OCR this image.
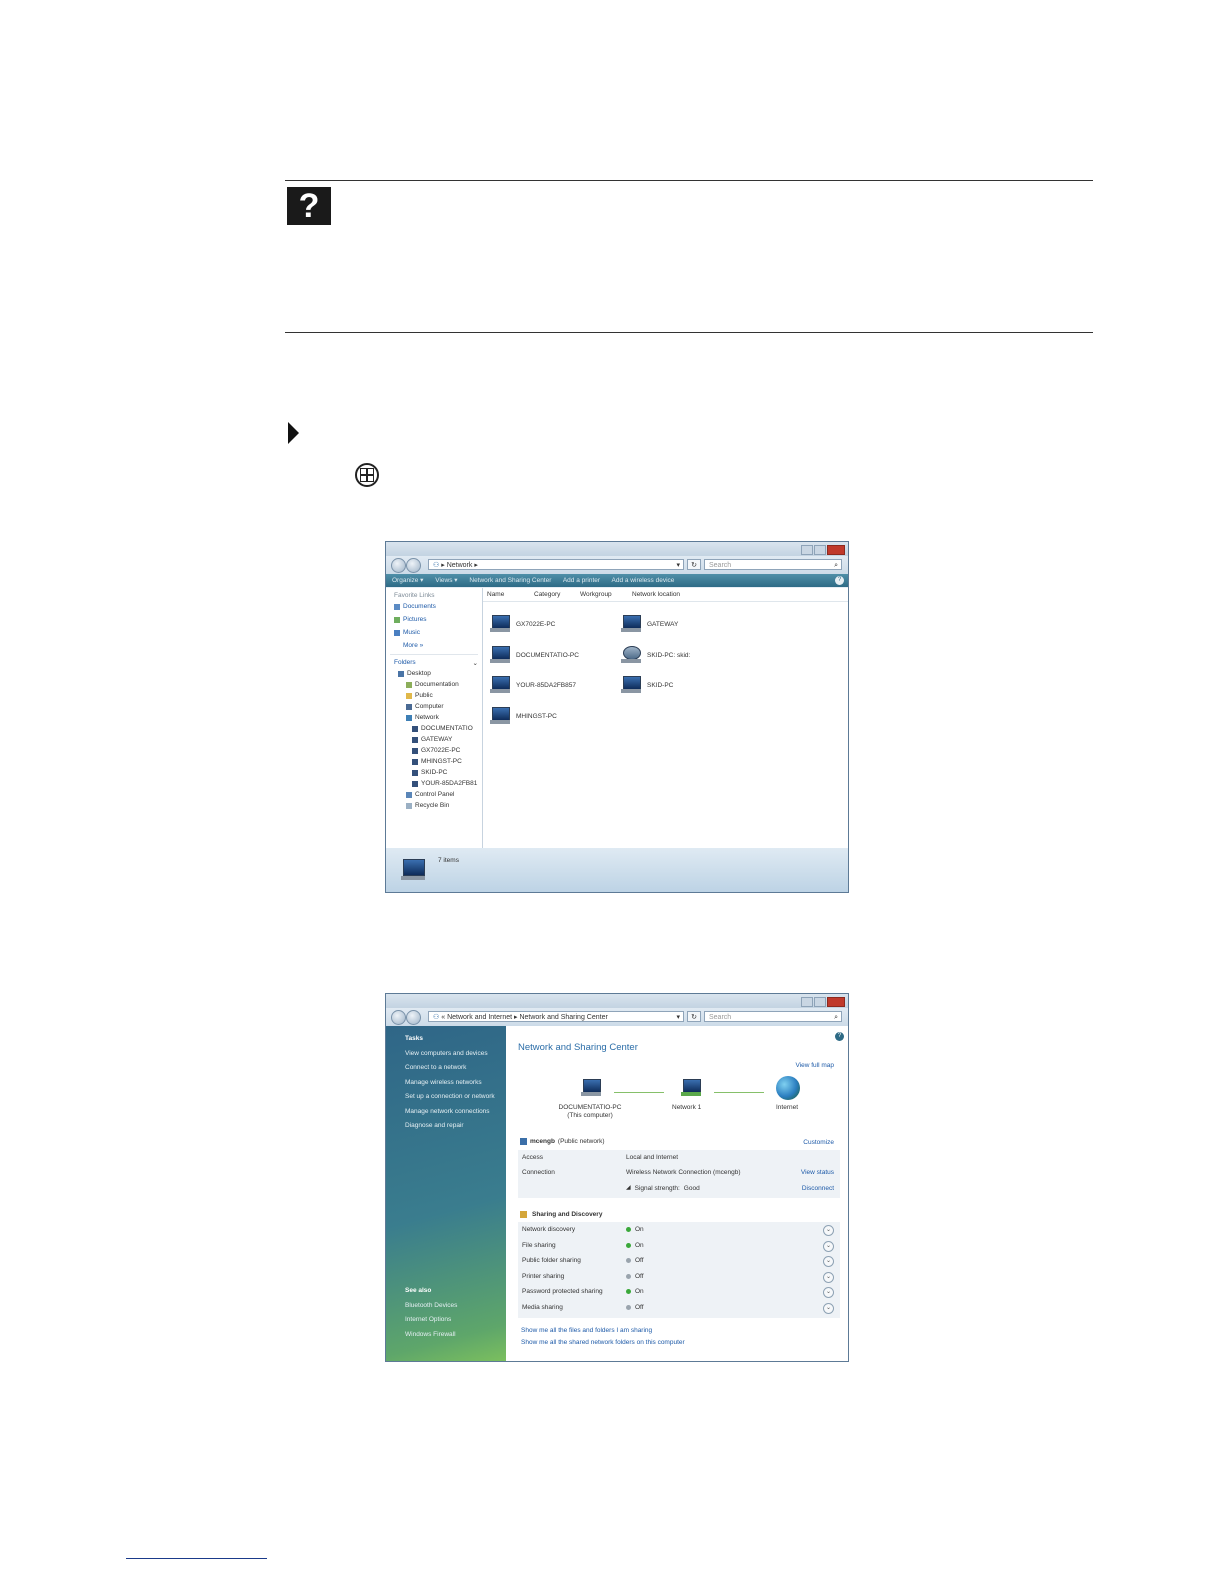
?
⚇ ▸ Network ▸	▾	↻	Search	⌕
Organize ▾ Views ▾ Network and Sharing Center Add a printer Add a wireless device	?
Favorite Links
Documents
Pictures
Music
More »
Folders	⌄
Desktop
Documentation
Public
Computer
Network
DOCUMENTATIO
GATEWAY
GX7022E-PC
MHINGST-PC
SKID-PC
YOUR-85DA2FB81
Control Panel
Recycle Bin
Name	Category	Workgroup	Network location
GX7022E-PC	GATEWAY
DOCUMENTATIO-PC	SKID-PC: skid:
YOUR-85DA2FB857	SKID-PC
MHINGST-PC
7 items
⚇ « Network and Internet ▸ Network and Sharing Center	▾	↻	Search	⌕
Tasks
View computers and devices
Connect to a network
Manage wireless networks
Set up a connection or network
Manage network connections
Diagnose and repair
See also
Bluetooth Devices
Internet Options
Windows Firewall
?
Network and Sharing Center
View full map
DOCUMENTATIO-PC
(This computer)
Network 1	Internet
mcengb (Public network)	Customize
Access	Local and Internet
Connection	Wireless Network Connection (mcengb)	View status
◢ Signal strength: Good	Disconnect
Sharing and Discovery
Network discovery	On	⌄
File sharing	On	⌄
Public folder sharing	Off	⌄
Printer sharing	Off	⌄
Password protected sharing	On	⌄
Media sharing	Off	⌄
Show me all the files and folders I am sharing
Show me all the shared network folders on this computer
